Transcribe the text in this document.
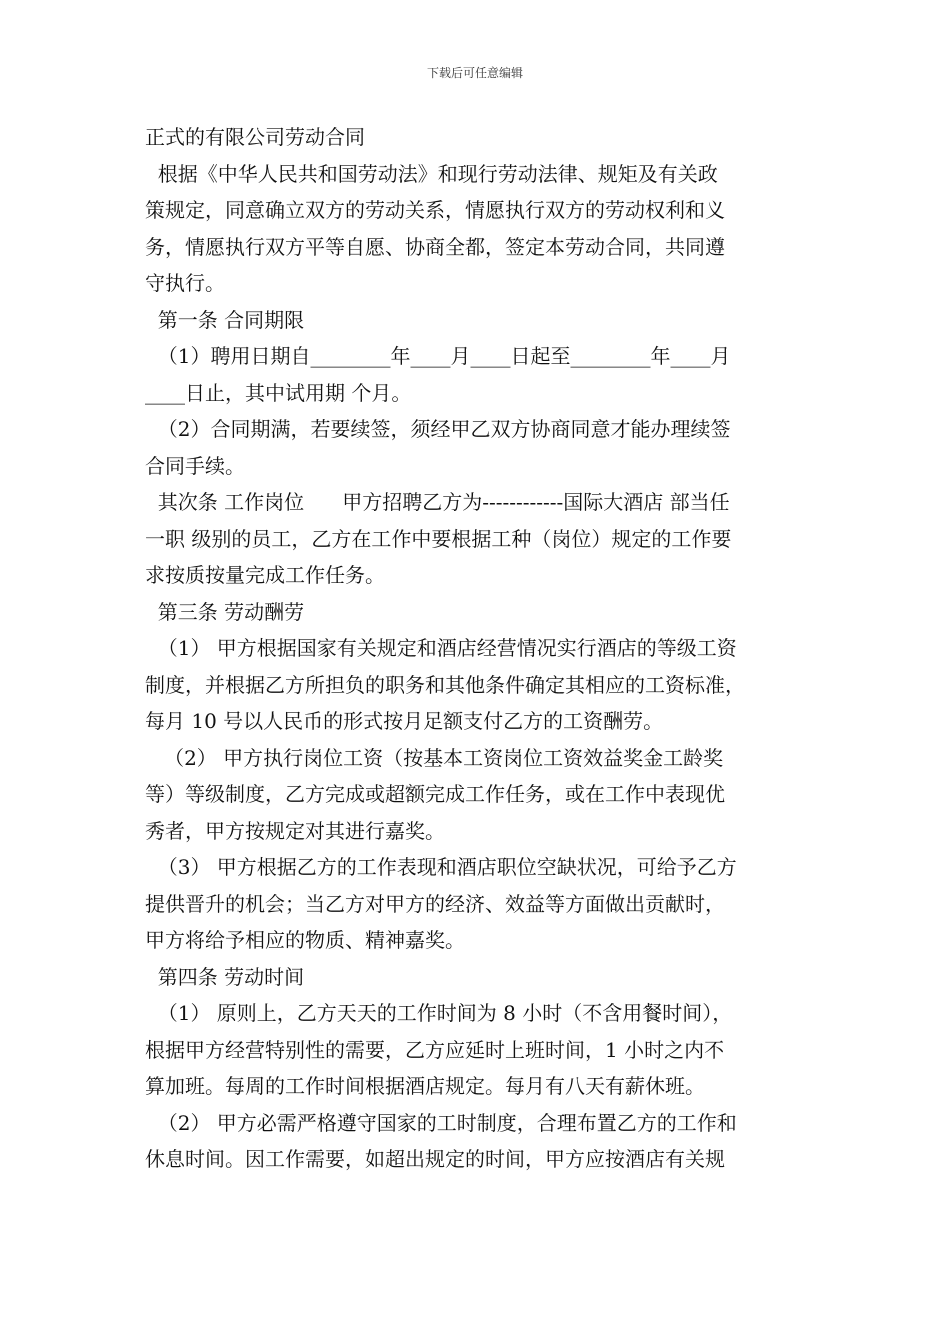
下载后可任意编辑
正式的有限公司劳动合同
根据《中华人民共和国劳动法》和现行劳动法律、规矩及有关政
策规定，同意确立双方的劳动关系，情愿执行双方的劳动权利和义
务，情愿执行双方平等自愿、协商全都，签定本劳动合同，共同遵
守执行。
第一条 合同期限
（1）聘用日期自________年____月____日起至________年____月
____日止，其中试用期 个月。
（2）合同期满，若要续签，须经甲乙双方协商同意才能办理续签
合同手续。
其次条 工作岗位      甲方招聘乙方为------------国际大酒店 部当任
一职 级别的员工，乙方在工作中要根据工种（岗位）规定的工作要
求按质按量完成工作任务。
第三条 劳动酬劳
（1） 甲方根据国家有关规定和酒店经营情况实行酒店的等级工资
制度，并根据乙方所担负的职务和其他条件确定其相应的工资标准，
每月 10 号以人民币的形式按月足额支付乙方的工资酬劳。
（2） 甲方执行岗位工资（按基本工资岗位工资效益奖金工龄奖
等）等级制度，乙方完成或超额完成工作任务，或在工作中表现优
秀者，甲方按规定对其进行嘉奖。
（3） 甲方根据乙方的工作表现和酒店职位空缺状况，可给予乙方
提供晋升的机会；当乙方对甲方的经济、效益等方面做出贡献时，
甲方将给予相应的物质、精神嘉奖。
第四条 劳动时间
（1） 原则上，乙方天天的工作时间为 8 小时（不含用餐时间），
根据甲方经营特别性的需要，乙方应延时上班时间，1 小时之内不
算加班。每周的工作时间根据酒店规定。每月有八天有薪休班。
（2） 甲方必需严格遵守国家的工时制度，合理布置乙方的工作和
休息时间。因工作需要，如超出规定的时间，甲方应按酒店有关规
